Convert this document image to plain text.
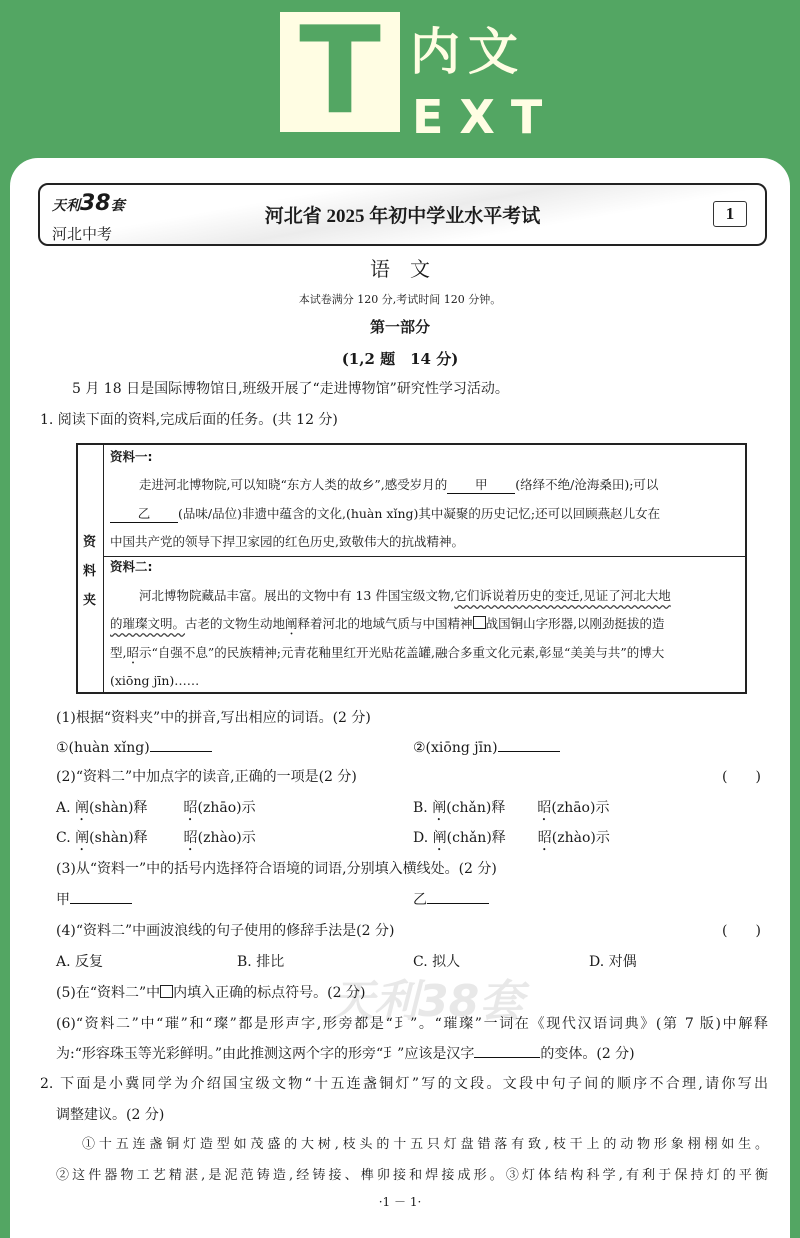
T 内文
EXT
天利38套
天利38套
河北中考
河北省 2025 年初中学业水平考试	1
语　文
本试卷满分 120 分,考试时间 120 分钟。
第一部分
(1,2 题　14 分)
5 月 18 日是国际博物馆日,班级开展了“走进博物馆”研究性学习活动。
1. 阅读下面的资料,完成后面的任务。(共 12 分)
资
料
夹
资料一:
走进河北博物院,可以知晓“东方人类的故乡”,感受岁月的 甲 (络绎不绝/沧海桑田);可以
乙 (品味/品位)非遗中蕴含的文化,(huàn xǐng)其中凝聚的历史记忆;还可以回顾燕赵儿女在
中国共产党的领导下捍卫家园的红色历史,致敬伟大的抗战精神。
资料二:
河北博物院藏品丰富。展出的文物中有 13 件国宝级文物,它们诉说着历史的变迁,见证了河北大地
的璀璨文明。古老的文物生动地阐释着河北的地域气质与中国精神 战国铜山字形器,以刚劲挺拔的造
型,昭示“自强不息”的民族精神;元青花釉里红开光贴花盖罐,融合多重文化元素,彰显“美美与共”的博大
(xiōng jīn)……
(1)根据“资料夹”中的拼音,写出相应的词语。(2 分)
①(huàn xǐng)	②(xiōng jīn)
(2)“资料二”中加点字的读音,正确的一项是(2 分)	(　　)
A. 阐(shàn)释	昭(zhāo)示	B. 阐(chǎn)释 昭(zhāo)示
C. 阐(shàn)释	昭(zhào)示	D. 阐(chǎn)释 昭(zhào)示
(3)从“资料一”中的括号内选择符合语境的词语,分别填入横线处。(2 分)
甲	乙
(4)“资料二”中画波浪线的句子使用的修辞手法是(2 分)	(　　)
A. 反复	B. 排比	C. 拟人	D. 对偶
(5)在“资料二”中 内填入正确的标点符号。(2 分)
(6)“资料二”中“璀”和“璨”都是形声字,形旁都是“⺩”。“璀璨”一词在《现代汉语词典》(第 7 版)中解释
为:“形容珠玉等光彩鲜明。”由此推测这两个字的形旁“⺩”应该是汉字	的变体。(2 分)
2. 下面是小冀同学为介绍国宝级文物“十五连盏铜灯”写的文段。文段中句子间的顺序不合理,请你写出
调整建议。(2 分)
①十五连盏铜灯造型如茂盛的大树,枝头的十五只灯盘错落有致,枝干上的动物形象栩栩如生。
②这件器物工艺精湛,是泥范铸造,经铸接、榫卯接和焊接成形。③灯体结构科学,有利于保持灯的平衡
·1 － 1·
